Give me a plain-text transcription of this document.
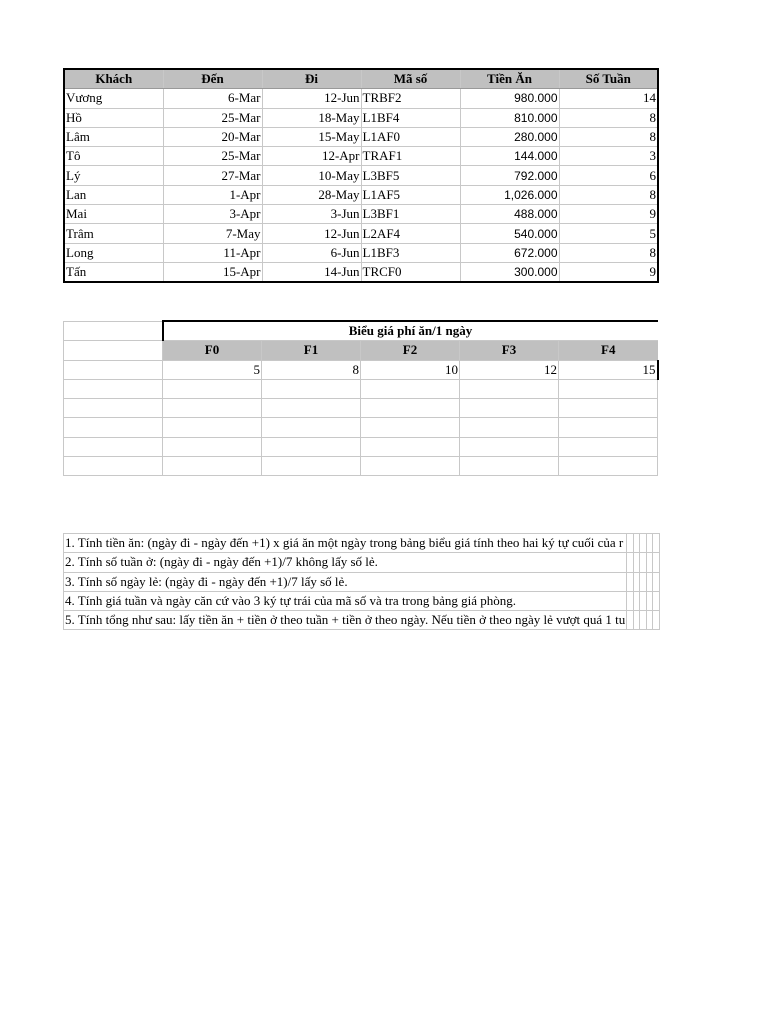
Khách	Đến	Đi	Mã số	Tiền Ăn	Số Tuần
Vương	6-Mar	12-Jun	TRBF2	980.000	14
Hồ	25-Mar	18-May	L1BF4	810.000	8
Lâm	20-Mar	15-May	L1AF0	280.000	8
Tô	25-Mar	12-Apr	TRAF1	144.000	3
Lý	27-Mar	10-May	L3BF5	792.000	6
Lan	1-Apr	28-May	L1AF5	1,026.000	8
Mai	3-Apr	3-Jun	L3BF1	488.000	9
Trâm	7-May	12-Jun	L2AF4	540.000	5
Long	11-Apr	6-Jun	L1BF3	672.000	8
Tấn	15-Apr	14-Jun	TRCF0	300.000	9
	Biểu giá phí ăn/1 ngày				
	F0	F1	F2	F3	F4
	5	8	10	12	15

1. Tính tiền ăn: (ngày đi - ngày đến +1) x giá ăn một ngày trong bảng biểu giá tính theo hai ký tự cuối của r					
2. Tính số tuần ở: (ngày đi - ngày đến +1)/7 không lấy số lẻ.					
3. Tính số ngày lẻ: (ngày đi - ngày đến +1)/7 lấy số lẻ.					
4. Tính giá tuần và ngày căn cứ vào 3 ký tự trái của mã số và tra trong bảng giá phòng.					
5. Tính tổng như sau: lấy tiền ăn + tiền ở theo tuần + tiền ở theo ngày. Nếu tiền ở theo ngày lẻ vượt quá 1 tu					
